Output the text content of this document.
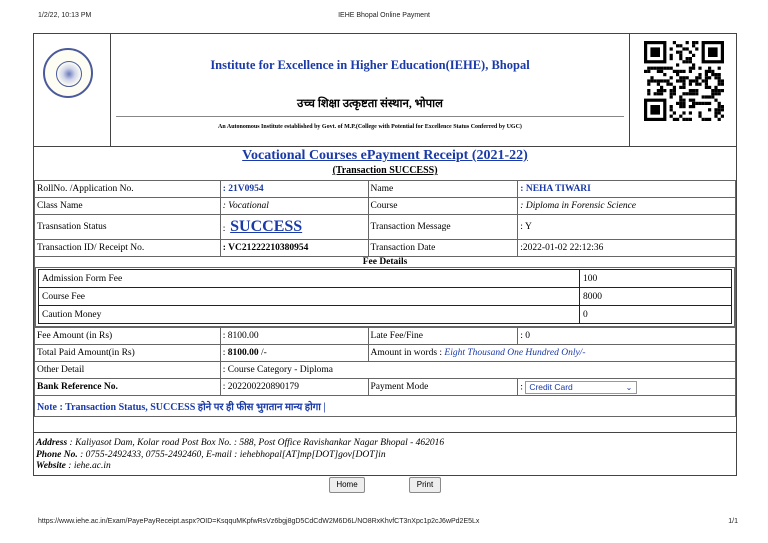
1/2/22, 10:13 PM	IEHE Bhopal Online Payment
Institute for Excellence in Higher Education(IEHE), Bhopal
उच्च शिक्षा उत्कृष्टता संस्थान, भोपाल
An Autonomous Institute established by Govt. of M.P.(College with Potential for Excellence Status Conferred by UGC)
Vocational Courses ePayment Receipt (2021-22)
(Transaction SUCCESS)
RollNo. /Application No.	: 21V0954	Name	: NEHA TIWARI
Class Name	: Vocational	Course	: Diploma in Forensic Science
Trasnsation Status	: SUCCESS	Transaction Message	: Y
Transaction ID/ Receipt No.	: VC21222210380954	Transaction Date	:2022-01-02 22:12:36

Fee Details
Admission Form Fee	100
Course Fee	8000
Caution Money	0

Fee Amount (in Rs)	: 8100.00	Late Fee/Fine	: 0
Total Paid Amount(in Rs)	: 8100.00 /-	Amount in words : Eight Thousand One Hundred Only/-
Other Detail	: Course Category - Diploma
Bank Reference No.	: 202200220890179	Payment Mode	: Credit Card	⌄

Note : Transaction Status, SUCCESS होने पर ही फीस भुगतान मान्य होगा |
Address : Kaliyasot Dam, Kolar road Post Box No. : 588, Post Office Ravishankar Nagar Bhopal - 462016
Phone No. : 0755-2492433, 0755-2492460, E-mail : iehebhopal[AT]mp[DOT]gov[DOT]in
Website : iehe.ac.in
Home	Print
https://www.iehe.ac.in/Exam/PayePayReceipt.aspx?OID=KsqquMKpfwRsVz6bgj8gD5CdCdW2M6D6L/NO8RxKhvfCT3nXpc1p2cJ6wPd2E5Lx	1/1
